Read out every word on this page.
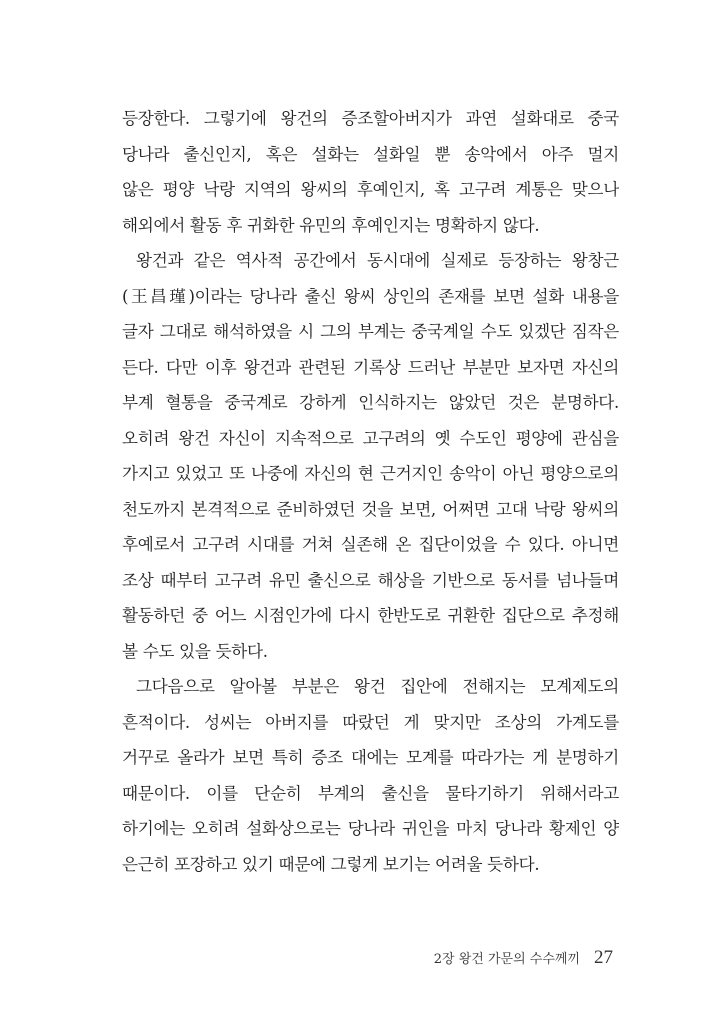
등장한다. 그렇기에 왕건의 증조할아버지가 과연 설화대로 중국
당나라 출신인지, 혹은 설화는 설화일 뿐 송악에서 아주 멀지
않은 평양 낙랑 지역의 왕씨의 후예인지, 혹 고구려 계통은 맞으나
해외에서 활동 후 귀화한 유민의 후예인지는 명확하지 않다.
왕건과 같은 역사적 공간에서 동시대에 실제로 등장하는 왕창근
(王昌瑾)이라는 당나라 출신 왕씨 상인의 존재를 보면 설화 내용을
글자 그대로 해석하였을 시 그의 부계는 중국계일 수도 있겠단 짐작은
든다. 다만 이후 왕건과 관련된 기록상 드러난 부분만 보자면 자신의
부계 혈통을 중국계로 강하게 인식하지는 않았던 것은 분명하다.
오히려 왕건 자신이 지속적으로 고구려의 옛 수도인 평양에 관심을
가지고 있었고 또 나중에 자신의 현 근거지인 송악이 아닌 평양으로의
천도까지 본격적으로 준비하였던 것을 보면, 어쩌면 고대 낙랑 왕씨의
후예로서 고구려 시대를 거쳐 실존해 온 집단이었을 수 있다. 아니면
조상 때부터 고구려 유민 출신으로 해상을 기반으로 동서를 넘나들며
활동하던 중 어느 시점인가에 다시 한반도로 귀환한 집단으로 추정해
볼 수도 있을 듯하다.
그다음으로 알아볼 부분은 왕건 집안에 전해지는 모계제도의
흔적이다. 성씨는 아버지를 따랐던 게 맞지만 조상의 가계도를
거꾸로 올라가 보면 특히 증조 대에는 모계를 따라가는 게 분명하기
때문이다. 이를 단순히 부계의 출신을 물타기하기 위해서라고
하기에는 오히려 설화상으로는 당나라 귀인을 마치 당나라 황제인 양
은근히 포장하고 있기 때문에 그렇게 보기는 어려울 듯하다.
2장 왕건 가문의 수수께끼 27
